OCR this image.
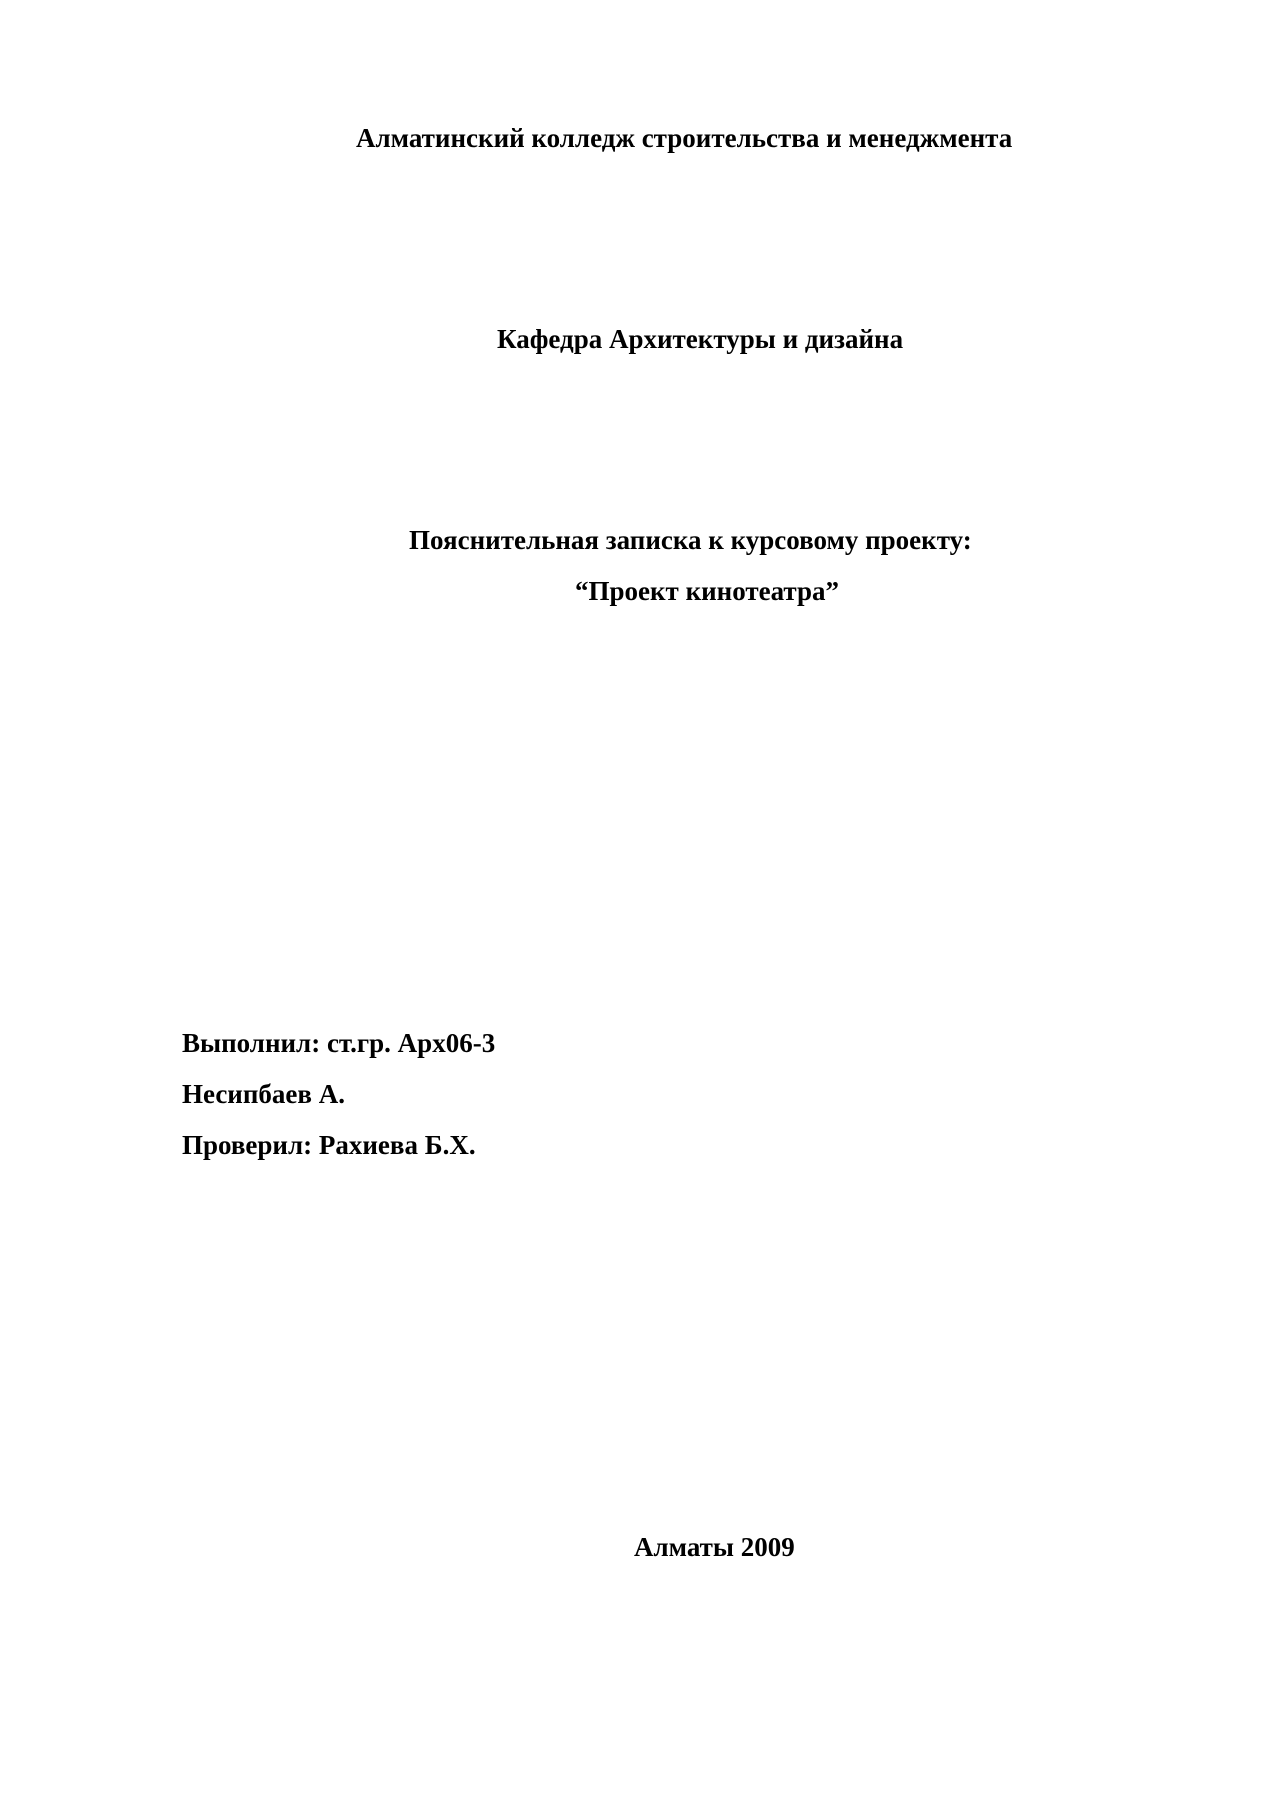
Алматинский колледж строительства и менеджмента
Кафедра Архитектуры и дизайна
Пояснительная записка к курсовому проекту:
“Проект кинотеатра”
Выполнил: ст.гр. Арх06-3
Несипбаев А.
Проверил: Рахиева Б.Х.
Алматы 2009
